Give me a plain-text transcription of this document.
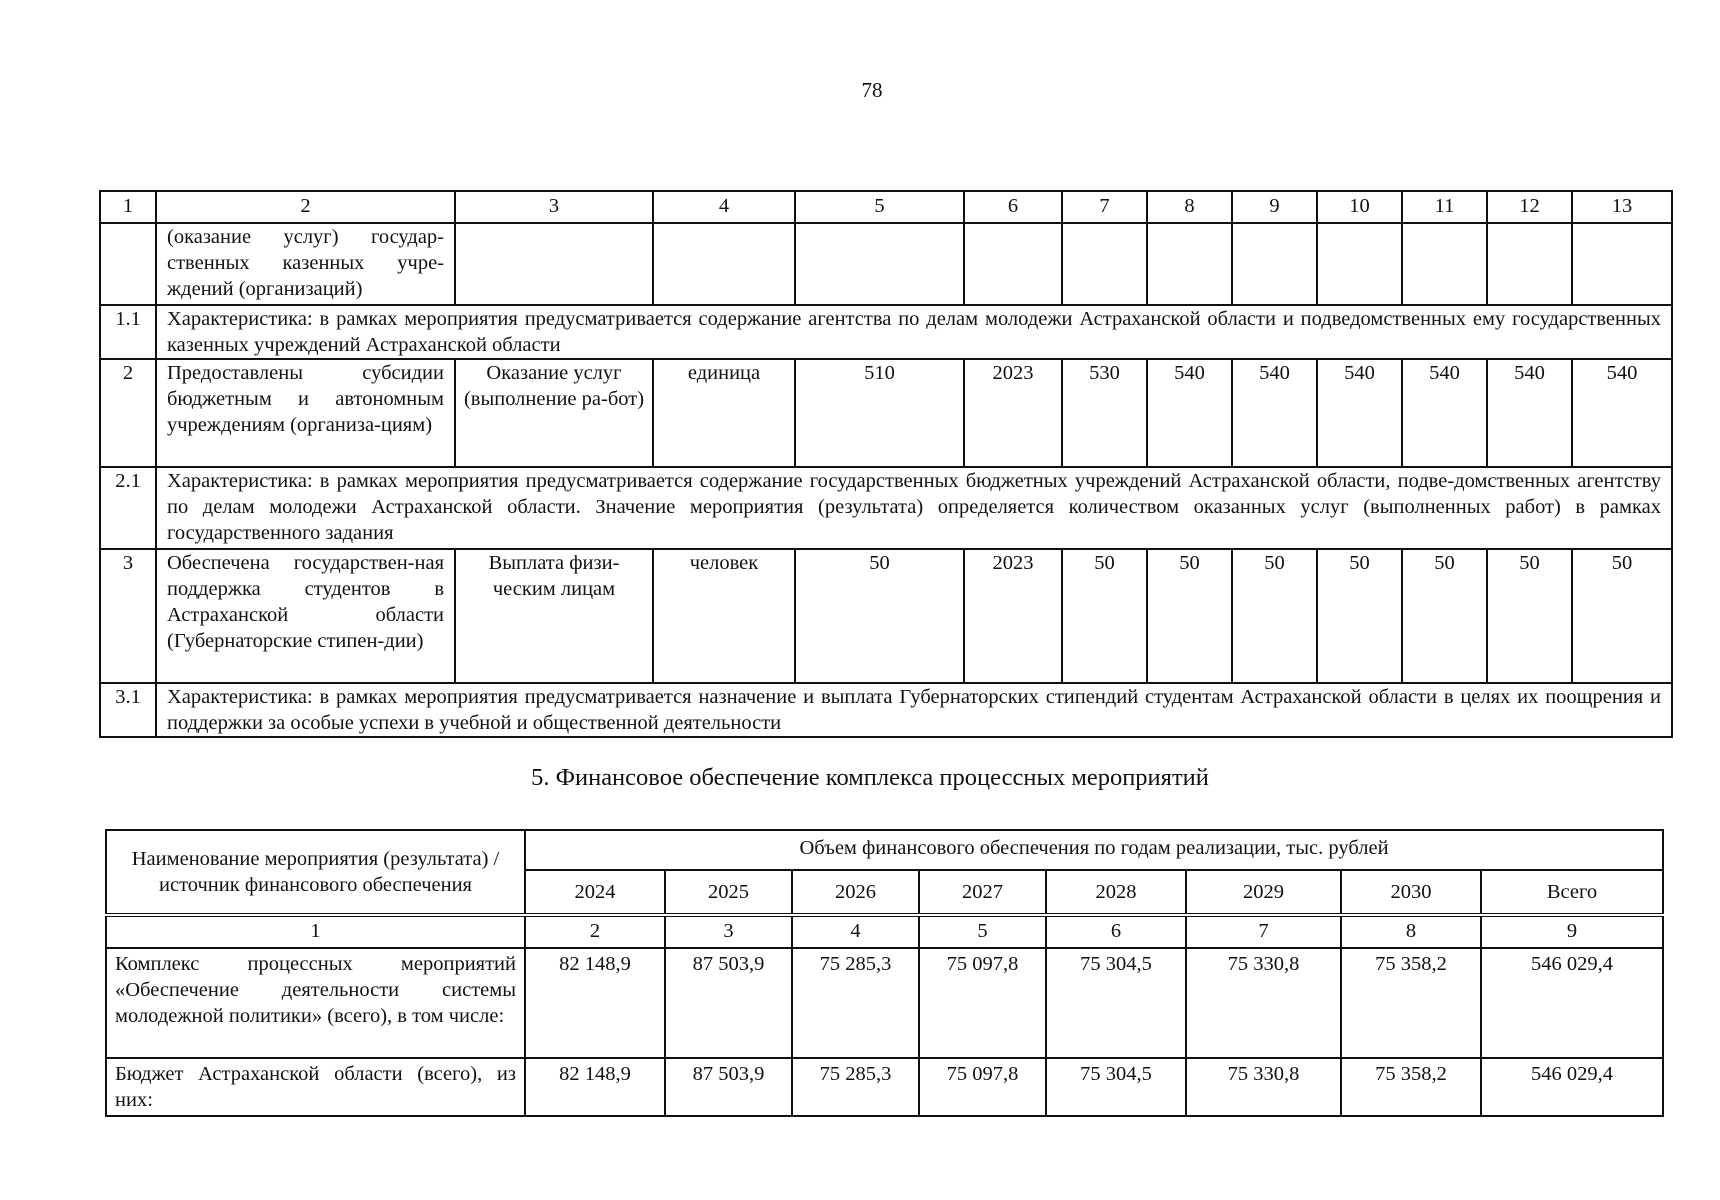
78
1	2	3	4	5	6	7	8	9	10	11	12	13
	(оказание услуг) государ-ственных казенных учре-ждений (организаций)											
1.1	Характеристика: в рамках мероприятия предусматривается содержание агентства по делам молодежи Астраханской области и подведомственных ему государственных казенных учреждений Астраханской области											
2	Предоставлены субсидии бюджетным и автономным учреждениям (организа-циям)	Оказание услуг (выполнение ра-бот)	единица	510	2023	530	540	540	540	540	540	540
2.1	Характеристика: в рамках мероприятия предусматривается содержание государственных бюджетных учреждений Астраханской области, подве-домственных агентству по делам молодежи Астраханской области. Значение мероприятия (результата) определяется количеством оказанных услуг (выполненных работ) в рамках государственного задания											
3	Обеспечена государствен-ная поддержка студентов в Астраханской области (Губернаторские стипен-дии)	Выплата физи-ческим лицам	человек	50	2023	50	50	50	50	50	50	50
3.1	Характеристика: в рамках мероприятия предусматривается назначение и выплата Губернаторских стипендий студентам Астраханской области в целях их поощрения и поддержки за особые успехи в учебной и общественной деятельности											
5. Финансовое обеспечение комплекса процессных мероприятий
Наименование мероприятия (результата) / источник финансового обеспечения	Объем финансового обеспечения по годам реализации, тыс. рублей							
	2024	2025	2026	2027	2028	2029	2030	Всего
1	2	3	4	5	6	7	8	9
Комплекс процессных мероприятий «Обеспечение деятельности системы молодежной политики» (всего), в том числе:	82 148,9	87 503,9	75 285,3	75 097,8	75 304,5	75 330,8	75 358,2	546 029,4
Бюджет Астраханской области (всего), из них:	82 148,9	87 503,9	75 285,3	75 097,8	75 304,5	75 330,8	75 358,2	546 029,4
